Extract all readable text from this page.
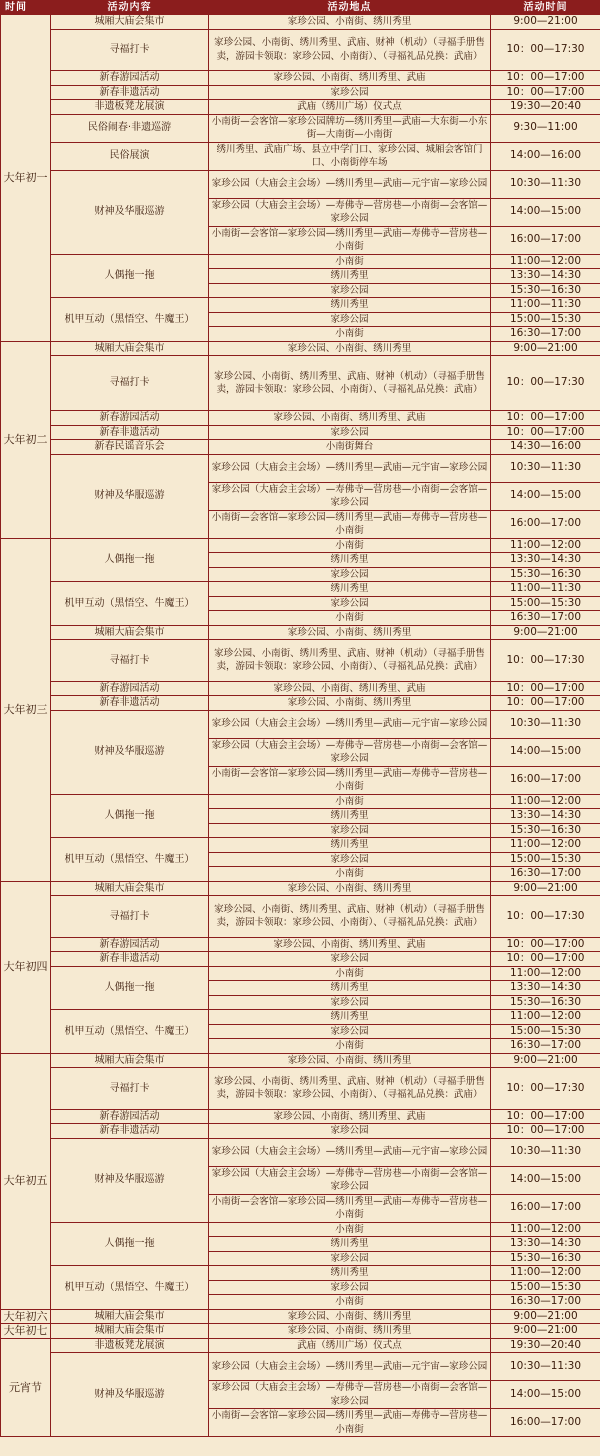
时间	活动内容	活动地点	活动时间
大年初一	城厢大庙会集市	家珍公园、小南街、绣川秀里	9:00—21:00
	寻福打卡	家珍公园、小南街、绣川秀里、武庙、财神（机动）（寻福手册售卖，游园卡领取：家珍公园、小南街）、（寻福礼品兑换：武庙）	10：00—17:30
	新春游园活动	家珍公园、小南街、绣川秀里、武庙	10：00—17:00
	新春非遗活动	家珍公园	10：00—17:00
	非遗板凳龙展演	武庙（绣川广场）仪式点	19:30—20:40
	民俗闹春·非遗巡游	小南街—会客馆—家珍公园牌坊—绣川秀里—武庙—大东街—小东街—大南街—小南街	9:30—11:00
	民俗展演	绣川秀里、武庙广场、县立中学门口、家珍公园、城厢会客馆门口、小南街停车场	14:00—16:00
	财神及华服巡游	家珍公园（大庙会主会场）—绣川秀里—武庙—元宇宙—家珍公园	10:30—11:30
		家珍公园（大庙会主会场）—寿佛寺—营房巷—小南街—会客馆—家珍公园	14:00—15:00
		小南街—会客馆—家珍公园—绣川秀里—武庙—寿佛寺—营房巷—小南街	16:00—17:00
	人偶拖一拖	小南街	11:00—12:00
		绣川秀里	13:30—14:30
		家珍公园	15:30—16:30
	机甲互动（黑悟空、牛魔王）	绣川秀里	11:00—11:30
		家珍公园	15:00—15:30
		小南街	16:30—17:00
大年初二	城厢大庙会集市	家珍公园、小南街、绣川秀里	9:00—21:00
	寻福打卡	家珍公园、小南街、绣川秀里、武庙、财神（机动）（寻福手册售卖，游园卡领取：家珍公园、小南街）、（寻福礼品兑换：武庙）	10：00—17:30
	新春游园活动	家珍公园、小南街、绣川秀里、武庙	10：00—17:00
	新春非遗活动	家珍公园	10：00—17:00
	新春民谣音乐会	小南街舞台	14:30—16:00
	财神及华服巡游	家珍公园（大庙会主会场）—绣川秀里—武庙—元宇宙—家珍公园	10:30—11:30
		家珍公园（大庙会主会场）—寿佛寺—营房巷—小南街—会客馆—家珍公园	14:00—15:00
		小南街—会客馆—家珍公园—绣川秀里—武庙—寿佛寺—营房巷—小南街	16:00—17:00
大年初三	人偶拖一拖	小南街	11:00—12:00
		绣川秀里	13:30—14:30
		家珍公园	15:30—16:30
	机甲互动（黑悟空、牛魔王）	绣川秀里	11:00—11:30
		家珍公园	15:00—15:30
		小南街	16:30—17:00
	城厢大庙会集市	家珍公园、小南街、绣川秀里	9:00—21:00
	寻福打卡	家珍公园、小南街、绣川秀里、武庙、财神（机动）（寻福手册售卖，游园卡领取：家珍公园、小南街）、（寻福礼品兑换：武庙）	10：00—17:30
	新春游园活动	家珍公园、小南街、绣川秀里、武庙	10：00—17:00
	新春非遗活动	家珍公园、小南街、绣川秀里	10：00—17:00
	财神及华服巡游	家珍公园（大庙会主会场）—绣川秀里—武庙—元宇宙—家珍公园	10:30—11:30
		家珍公园（大庙会主会场）—寿佛寺—营房巷—小南街—会客馆—家珍公园	14:00—15:00
		小南街—会客馆—家珍公园—绣川秀里—武庙—寿佛寺—营房巷—小南街	16:00—17:00
	人偶拖一拖	小南街	11:00—12:00
		绣川秀里	13:30—14:30
		家珍公园	15:30—16:30
	机甲互动（黑悟空、牛魔王）	绣川秀里	11:00—12:00
		家珍公园	15:00—15:30
		小南街	16:30—17:00
大年初四	城厢大庙会集市	家珍公园、小南街、绣川秀里	9:00—21:00
	寻福打卡	家珍公园、小南街、绣川秀里、武庙、财神（机动）（寻福手册售卖，游园卡领取：家珍公园、小南街）、（寻福礼品兑换：武庙）	10：00—17:30
	新春游园活动	家珍公园、小南街、绣川秀里、武庙	10：00—17:00
	新春非遗活动	家珍公园	10：00—17:00
	人偶拖一拖	小南街	11:00—12:00
		绣川秀里	13:30—14:30
		家珍公园	15:30—16:30
	机甲互动（黑悟空、牛魔王）	绣川秀里	11:00—12:00
		家珍公园	15:00—15:30
		小南街	16:30—17:00
大年初五	城厢大庙会集市	家珍公园、小南街、绣川秀里	9:00—21:00
	寻福打卡	家珍公园、小南街、绣川秀里、武庙、财神（机动）（寻福手册售卖，游园卡领取：家珍公园、小南街）、（寻福礼品兑换：武庙）	10：00—17:30
	新春游园活动	家珍公园、小南街、绣川秀里、武庙	10：00—17:00
	新春非遗活动	家珍公园	10：00—17:00
	财神及华服巡游	家珍公园（大庙会主会场）—绣川秀里—武庙—元宇宙—家珍公园	10:30—11:30
		家珍公园（大庙会主会场）—寿佛寺—营房巷—小南街—会客馆—家珍公园	14:00—15:00
		小南街—会客馆—家珍公园—绣川秀里—武庙—寿佛寺—营房巷—小南街	16:00—17:00
	人偶拖一拖	小南街	11:00—12:00
		绣川秀里	13:30—14:30
		家珍公园	15:30—16:30
	机甲互动（黑悟空、牛魔王）	绣川秀里	11:00—12:00
		家珍公园	15:00—15:30
		小南街	16:30—17:00
大年初六	城厢大庙会集市	家珍公园、小南街、绣川秀里	9:00—21:00
大年初七	城厢大庙会集市	家珍公园、小南街、绣川秀里	9:00—21:00
元宵节	非遗板凳龙展演	武庙（绣川广场）仪式点	19:30—20:40
	财神及华服巡游	家珍公园（大庙会主会场）—绣川秀里—武庙—元宇宙—家珍公园	10:30—11:30
		家珍公园（大庙会主会场）—寿佛寺—营房巷—小南街—会客馆—家珍公园	14:00—15:00
		小南街—会客馆—家珍公园—绣川秀里—武庙—寿佛寺—营房巷—小南街	16:00—17:00
